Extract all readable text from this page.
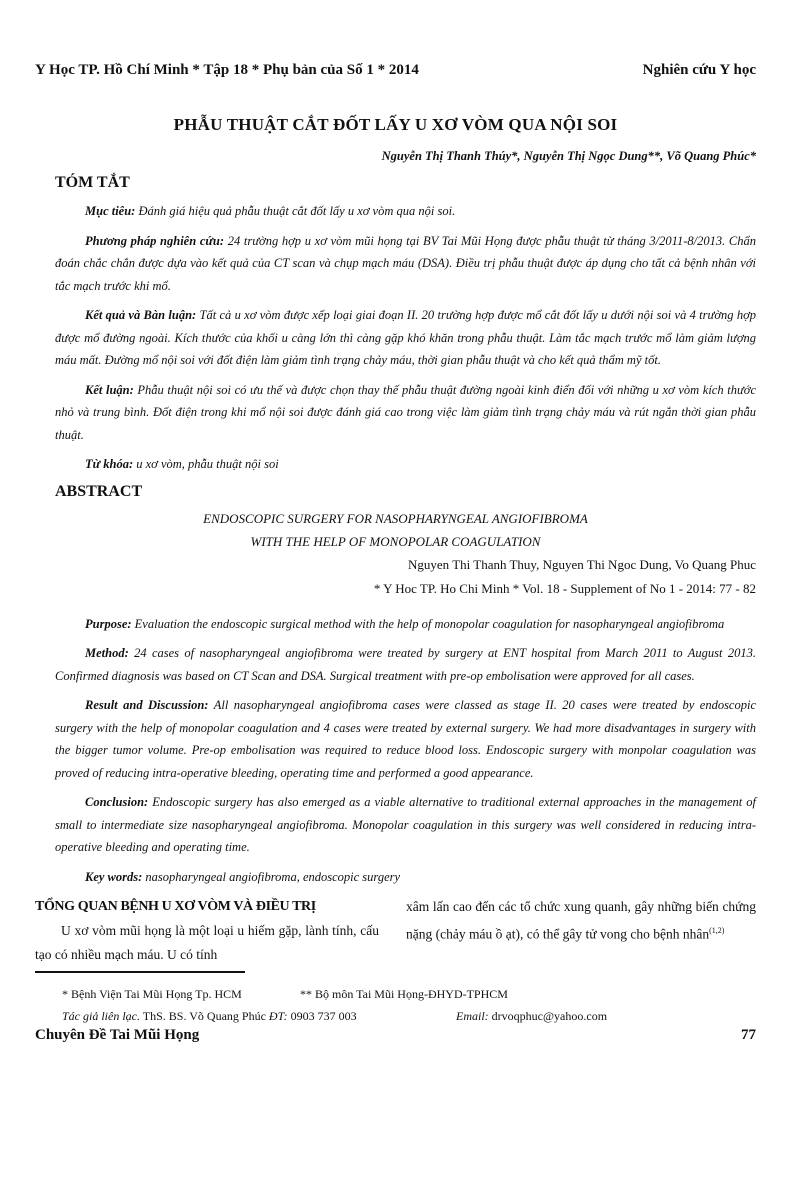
Y Học TP. Hồ Chí Minh * Tập 18 * Phụ bản của Số 1 * 2014	Nghiên cứu Y học
PHẪU THUẬT CẮT ĐỐT LẤY U XƠ VÒM QUA NỘI SOI
Nguyễn Thị Thanh Thúy*, Nguyễn Thị Ngọc Dung**, Võ Quang Phúc*
TÓM TẮT

Mục tiêu: Đánh giá hiệu quả phẫu thuật cắt đốt lấy u xơ vòm qua nội soi.

Phương pháp nghiên cứu: 24 trường hợp u xơ vòm mũi họng tại BV Tai Mũi Họng được phẫu thuật từ tháng 3/2011-8/2013. Chẩn đoán chắc chắn được dựa vào kết quả của CT scan và chụp mạch máu (DSA). Điều trị phẫu thuật được áp dụng cho tất cả bệnh nhân với tắc mạch trước khi mổ.

Kết quả và Bàn luận: Tất cả u xơ vòm được xếp loại giai đoạn II. 20 trường hợp được mổ cắt đốt lấy u dưới nội soi và 4 trường hợp được mổ đường ngoài. Kích thước của khối u càng lớn thì càng gặp khó khăn trong phẫu thuật. Làm tắc mạch trước mổ làm giảm lượng máu mất. Đường mổ nội soi với đốt điện làm giảm tình trạng chảy máu, thời gian phẫu thuật và cho kết quả thẩm mỹ tốt.

Kết luận: Phẫu thuật nội soi có ưu thế và được chọn thay thế phẫu thuật đường ngoài kinh điển đối với những u xơ vòm kích thước nhỏ và trung bình. Đốt điện trong khi mổ nội soi được đánh giá cao trong việc làm giảm tình trạng chảy máu và rút ngắn thời gian phẫu thuật.

Từ khóa: u xơ vòm, phẫu thuật nội soi

ABSTRACT
ENDOSCOPIC SURGERY FOR NASOPHARYNGEAL ANGIOFIBROMA
WITH THE HELP OF MONOPOLAR COAGULATION
Nguyen Thi Thanh Thuy, Nguyen Thi Ngoc Dung, Vo Quang Phuc
* Y Hoc TP. Ho Chi Minh * Vol. 18 - Supplement of No 1 - 2014: 77 - 82

Purpose: Evaluation the endoscopic surgical method with the help of monopolar coagulation for nasopharyngeal angiofibroma

Method: 24 cases of nasopharyngeal angiofibroma were treated by surgery at ENT hospital from March 2011 to August 2013. Confirmed diagnosis was based on CT Scan and DSA. Surgical treatment with pre-op embolisation were approved for all cases.

Result and Discussion: All nasopharyngeal angiofibroma cases were classed as stage II. 20 cases were treated by endoscopic surgery with the help of monopolar coagulation and 4 cases were treated by external surgery. We had more disadvantages in surgery with the bigger tumor volume. Pre-op embolisation was required to reduce blood loss. Endoscopic surgery with monpolar coagulation was proved of reducing intra-operative bleeding, operating time and performed a good appearance.

Conclusion: Endoscopic surgery has also emerged as a viable alternative to traditional external approaches in the management of small to intermediate size nasopharyngeal angiofibroma. Monopolar coagulation in this surgery was well considered in reducing intra-operative bleeding and operating time.

Key words: nasopharyngeal angiofibroma, endoscopic surgery

TỔNG QUAN BỆNH U XƠ VÒM VÀ ĐIỀU TRỊ

U xơ vòm mũi họng là một loại u hiếm gặp, lành tính, cấu tạo có nhiều mạch máu. U có tính

xâm lấn cao đến các tổ chức xung quanh, gây những biến chứng nặng (chảy máu ồ ạt), có thể gây tử vong cho bệnh nhân$^{(1,2)}$

* Bệnh Viện Tai Mũi Họng Tp. HCM	** Bộ môn Tai Mũi Họng-ĐHYD-TPHCM
Tác giả liên lạc. ThS. BS. Võ Quang Phúc ĐT: 0903 737 003	Email: drvoqphuc@yahoo.com
Chuyên Đề Tai Mũi Họng	77
